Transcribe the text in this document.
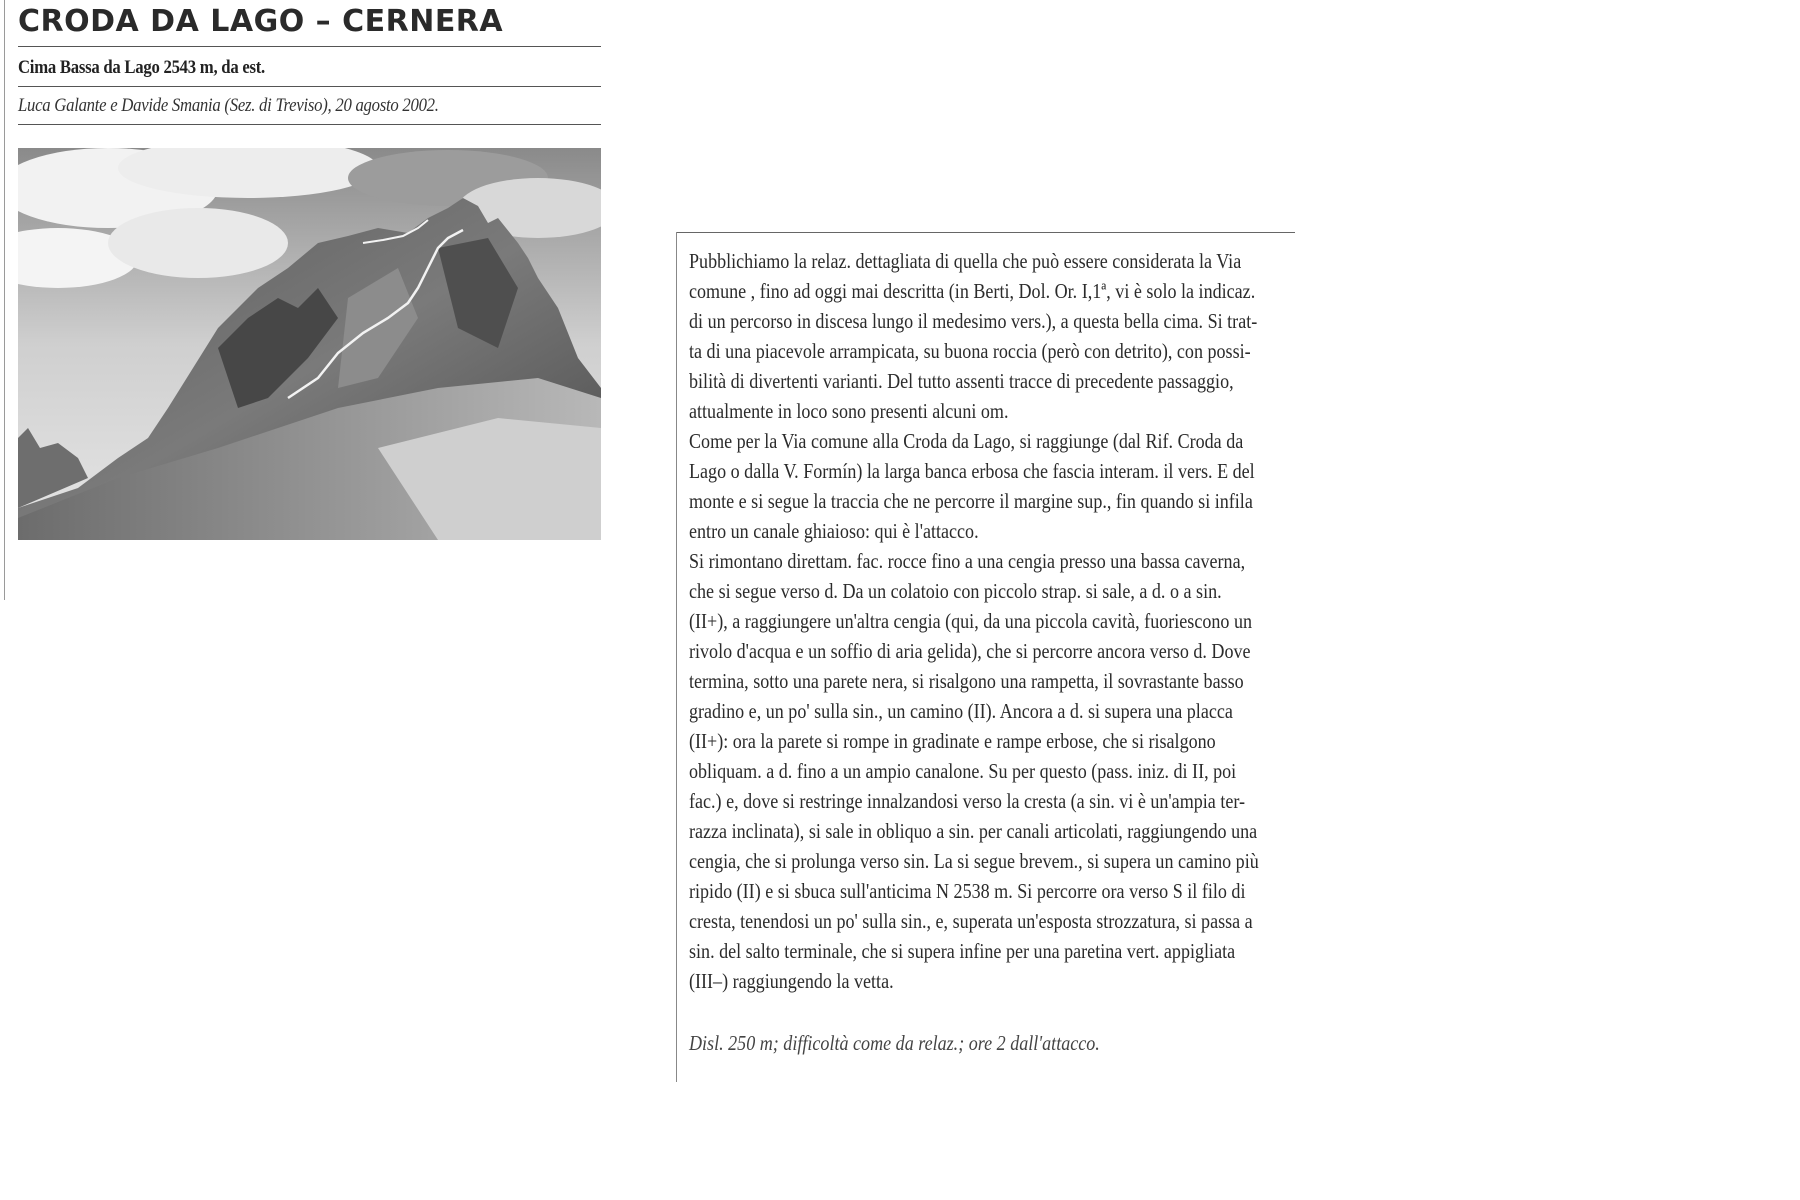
CRODA DA LAGO – CERNERA
Cima Bassa da Lago 2543 m, da est.
Luca Galante e Davide Smania (Sez. di Treviso), 20 agosto 2002.

Pubblichiamo la relaz. dettagliata di quella che può essere considerata la Via
comune , fino ad oggi mai descritta (in Berti, Dol. Or. I,1ª, vi è solo la indicaz.
di un percorso in discesa lungo il medesimo vers.), a questa bella cima. Si trat-
ta di una piacevole arrampicata, su buona roccia (però con detrito), con possi-
bilità di divertenti varianti. Del tutto assenti tracce di precedente passaggio,
attualmente in loco sono presenti alcuni om.

Come per la Via comune alla Croda da Lago, si raggiunge (dal Rif. Croda da
Lago o dalla V. Formín) la larga banca erbosa che fascia interam. il vers. E del
monte e si segue la traccia che ne percorre il margine sup., fin quando si infila
entro un canale ghiaioso: qui è l'attacco.

Si rimontano direttam. fac. rocce fino a una cengia presso una bassa caverna,
che si segue verso d. Da un colatoio con piccolo strap. si sale, a d. o a sin.
(II+), a raggiungere un'altra cengia (qui, da una piccola cavità, fuoriescono un
rivolo d'acqua e un soffio di aria gelida), che si percorre ancora verso d. Dove
termina, sotto una parete nera, si risalgono una rampetta, il sovrastante basso
gradino e, un po' sulla sin., un camino (II). Ancora a d. si supera una placca
(II+): ora la parete si rompe in gradinate e rampe erbose, che si risalgono
obliquam. a d. fino a un ampio canalone. Su per questo (pass. iniz. di II, poi
fac.) e, dove si restringe innalzandosi verso la cresta (a sin. vi è un'ampia ter-
razza inclinata), si sale in obliquo a sin. per canali articolati, raggiungendo una
cengia, che si prolunga verso sin. La si segue brevem., si supera un camino più
ripido (II) e si sbuca sull'anticima N 2538 m. Si percorre ora verso S il filo di
cresta, tenendosi un po' sulla sin., e, superata un'esposta strozzatura, si passa a
sin. del salto terminale, che si supera infine per una paretina vert. appigliata
(III–) raggiungendo la vetta.

Disl. 250 m; difficoltà come da relaz.; ore 2 dall'attacco.
